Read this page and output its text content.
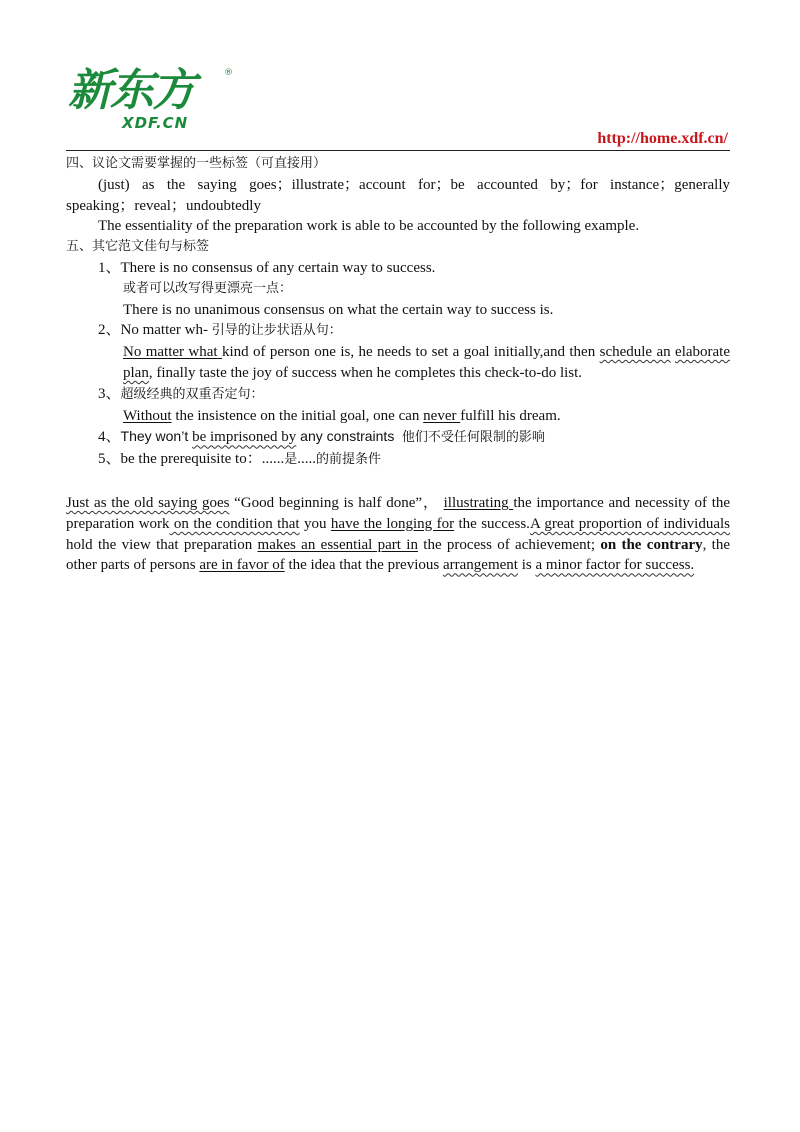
新东方	®
XDF.CN
http://home.xdf.cn/
四、议论文需要掌握的一些标签（可直接用）
(just) as the saying goes；illustrate；account for；be accounted by；for instance；generally
speaking；reveal；undoubtedly
The essentiality of the preparation work is able to be accounted by the following example.
五、其它范文佳句与标签
1、There is no consensus of any certain way to success.
或者可以改写得更漂亮一点：
There is no unanimous consensus on what the certain way to success is.
2、No matter wh- 引导的让步状语从句：
No matter what kind of person one is, he needs to set a goal initially,and then schedule an elaborate plan, finally taste the joy of success when he completes this check-to-do list.
3、超级经典的双重否定句：
Without the insistence on the initial goal, one can never fulfill his dream.
4、They won’t be imprisoned by any constraints 他们不受任何限制的影响
5、be the prerequisite to：......是.....的前提条件
Just as the old saying goes “Good beginning is half done”， illustrating the importance and necessity of the preparation work on the condition that you have the longing for the success.A great proportion of individuals hold the view that preparation makes an essential part in the process of achievement; on the contrary, the other parts of persons are in favor of the idea that the previous arrangement is a minor factor for success.
